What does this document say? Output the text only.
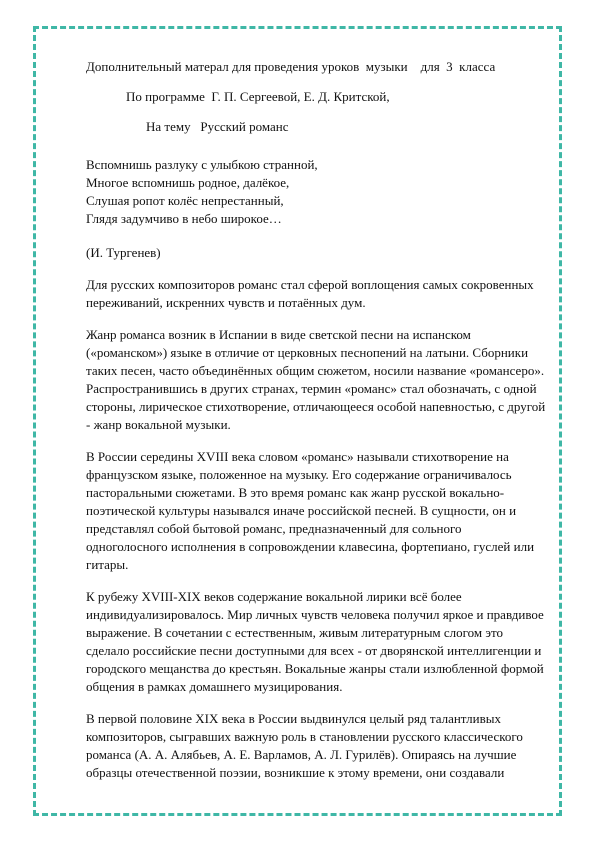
Дополнительный матерал для проведения уроков  музыки    для  3  класса

По программе  Г. П. Сергеевой, Е. Д. Критской,

На тему   Русский романс

Вспомнишь разлуку с улыбкою странной,

Многое вспомнишь родное, далёкое,

Слушая ропот колёс непрестанный,

Глядя задумчиво в небо широкое…

(И. Тургенев)

Для русских композиторов романс стал сферой воплощения самых сокровенных переживаний, искренних чувств и потаённых дум.

Жанр романса возник в Испании в виде светской песни на испанском («романском») языке в отличие от церковных песнопений на латыни. Сборники таких песен, часто объединённых общим сюжетом, носили название «романсеро». Распространившись в других странах, термин «романс» стал обозначать, с одной стороны, лирическое стихотворение, отличающееся особой напевностью, с другой - жанр вокальной музыки.

В России середины XVIII века словом «романс» называли стихотворение на французском языке, положенное на музыку. Его содержание ограничивалось пасторальными сюжетами. В это время романс как жанр русской вокально-поэтической культуры назывался иначе российской песней. В сущности, он и представлял собой бытовой романс, предназначенный для сольного одноголосного исполнения в сопровождении клавесина, фортепиано, гуслей или гитары.

К рубежу XVIII-XIX веков содержание вокальной лирики всё более индивидуализировалось. Мир личных чувств человека получил яркое и правдивое выражение. В сочетании с естественным, живым литературным слогом это сделало российские песни доступными для всех - от дворянской интеллигенции и городского мещанства до крестьян. Вокальные жанры стали излюбленной формой общения в рамках домашнего музицирования.

В первой половине XIX века в России выдвинулся целый ряд талантливых композиторов, сыгравших важную роль в становлении русского классического романса (А. А. Алябьев, А. Е. Варламов, А. Л. Гурилёв). Опираясь на лучшие образцы отечественной поэзии, возникшие к этому времени, они создавали
